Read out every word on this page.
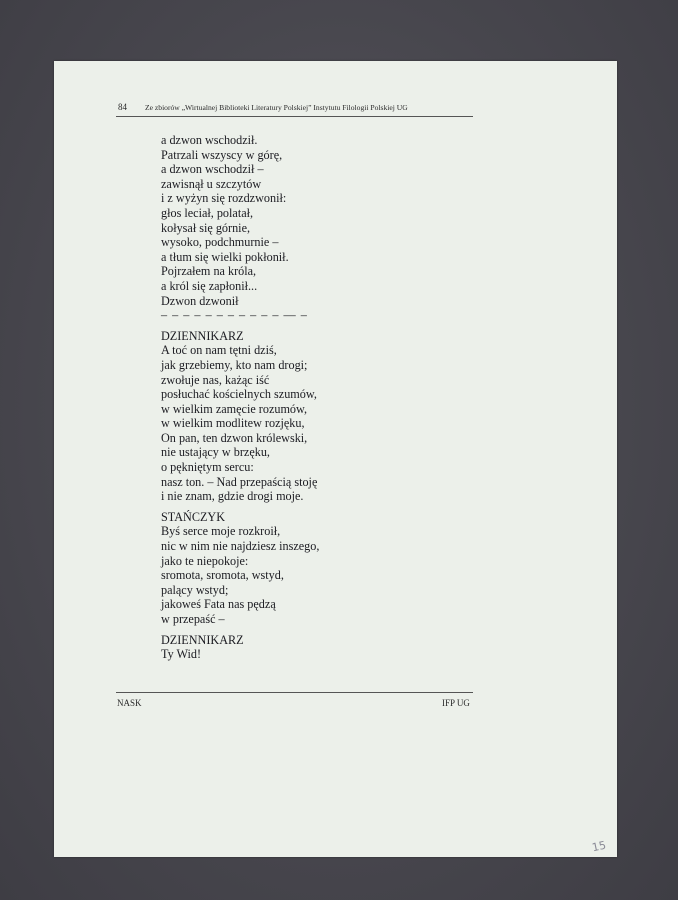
84 Ze zbiorów „Wirtualnej Biblioteki Literatury Polskiej” Instytutu Filologii Polskiej UG
a dzwon wschodził.
Patrzali wszyscy w górę,
a dzwon wschodził –
zawisnął u szczytów
i z wyżyn się rozdzwonił:
głos leciał, polatał,
kołysał się górnie,
wysoko, podchmurnie –
a tłum się wielki pokłonił.
Pojrzałem na króla,
a król się zapłonił...
Dzwon dzwonił
– – – – – – – – – – – — –
DZIENNIKARZ
A toć on nam tętni dziś,
jak grzebiemy, kto nam drogi;
zwołuje nas, każąc iść
posłuchać kościelnych szumów,
w wielkim zamęcie rozumów,
w wielkim modlitew rozjęku,
On pan, ten dzwon królewski,
nie ustający w brzęku,
o pękniętym sercu:
nasz ton. – Nad przepaścią stoję
i nie znam, gdzie drogi moje.
STAŃCZYK
Byś serce moje rozkroił,
nic w nim nie najdziesz inszego,
jako te niepokoje:
sromota, sromota, wstyd,
palący wstyd;
jakoweś Fata nas pędzą
w przepaść –
DZIENNIKARZ
Ty Wid!
NASK	IFP UG
15
